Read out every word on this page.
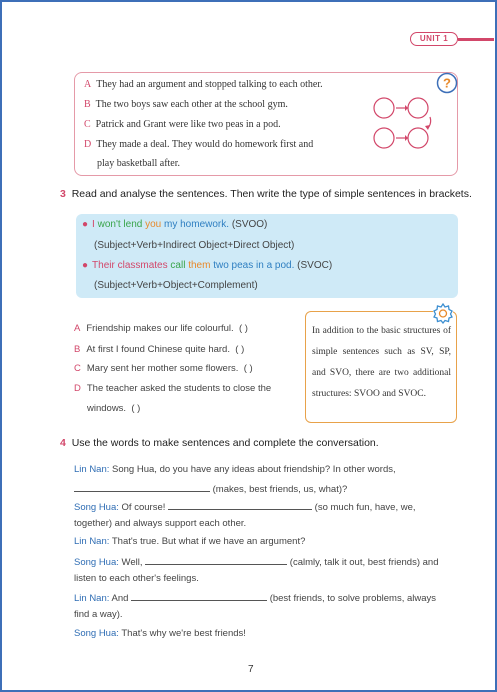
UNIT 1
A They had an argument and stopped talking to each other.
B The two boys saw each other at the school gym.
C Patrick and Grant were like two peas in a pod.
D They made a deal. They would do homework first and
play basketball after.
?
3 Read and analyse the sentences. Then write the type of simple sentences in brackets.
● I won't lend you my homework. (SVOO)
(Subject+Verb+Indirect Object+Direct Object)
● Their classmates call them two peas in a pod. (SVOC)
(Subject+Verb+Object+Complement)
A Friendship makes our life colourful. ( )
B At first I found Chinese quite hard. ( )
C Mary sent her mother some flowers. ( )
D The teacher asked the students to close the
windows. ( )
In addition to the basic structures of simple sentences such as SV, SP, and SVO, there are two additional structures: SVOO and SVOC.
4 Use the words to make sentences and complete the conversation.
Lin Nan: Song Hua, do you have any ideas about friendship? In other words,
(makes, best friends, us, what)?
Song Hua: Of course!	(so much fun, have, we,
together) and always support each other.
Lin Nan: That's true. But what if we have an argument?
Song Hua: Well,	(calmly, talk it out, best friends) and
listen to each other's feelings.
Lin Nan: And	(best friends, to solve problems, always
find a way).
Song Hua: That's why we're best friends!
7
